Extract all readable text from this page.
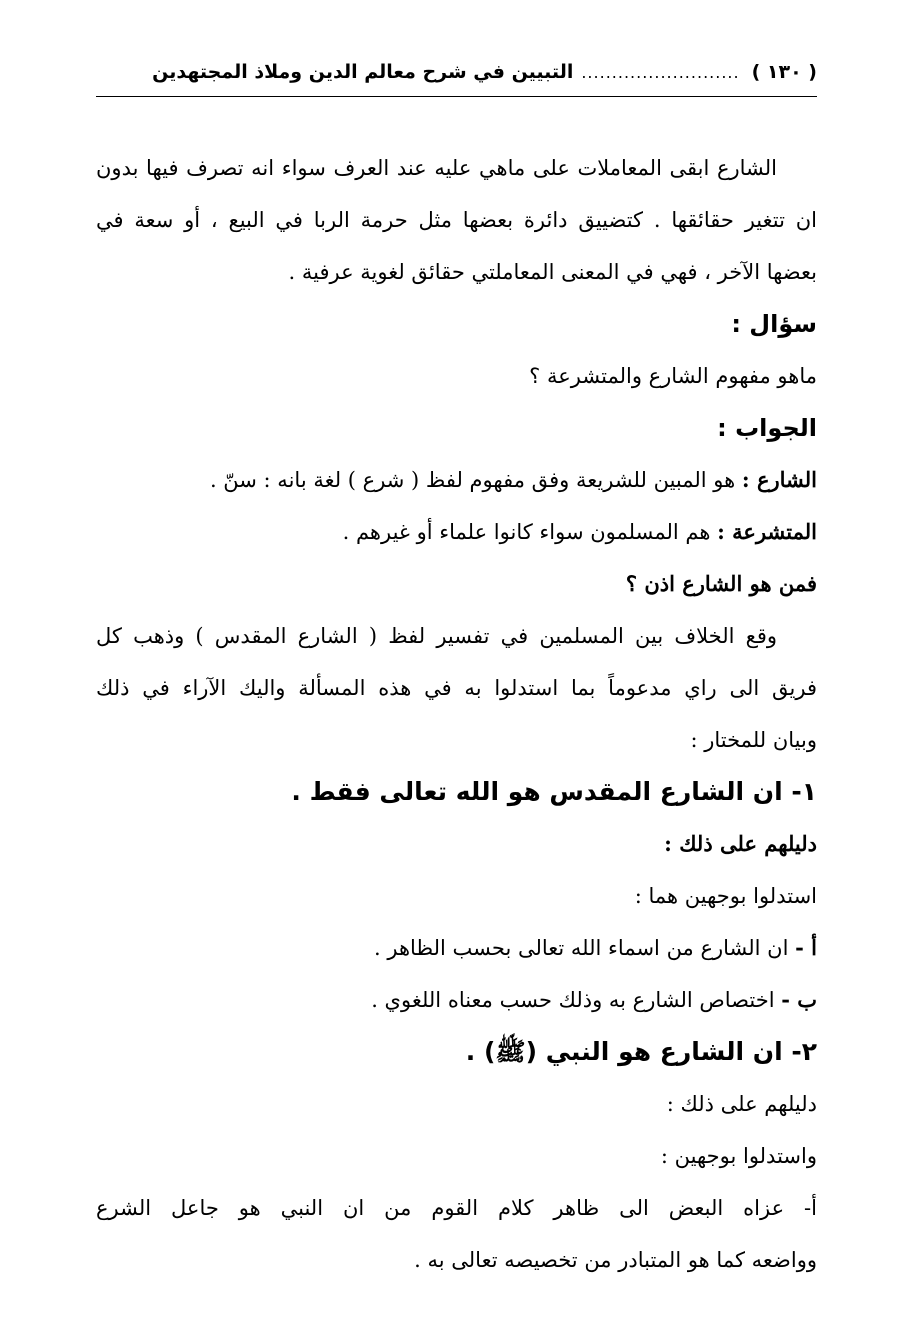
( ١٣٠ )
..........................
التبيين في شرح معالم الدين وملاذ المجتهدين
الشارع ابقى المعاملات على ماهي عليه عند العرف سواء انه تصرف فيها بدون
ان تتغير حقائقها . كتضييق دائرة بعضها مثل حرمة الربا في البيع ، أو سعة في
بعضها الآخر ، فهي في المعنى المعاملتي حقائق لغوية عرفية .
سؤال :
ماهو مفهوم الشارع والمتشرعة ؟
الجواب :
الشارع : هو المبين للشريعة وفق مفهوم لفظ ( شرع ) لغة بانه : سنّ .
المتشرعة : هم المسلمون سواء كانوا علماء أو غيرهم .
فمن هو الشارع اذن ؟
وقع الخلاف بين المسلمين في تفسير لفظ ( الشارع المقدس ) وذهب كل
فريق الى راي مدعوماً بما استدلوا به في هذه المسألة واليك الآراء في ذلك
وبيان للمختار :
١- ان الشارع المقدس هو الله تعالى فقط .
دليلهم على ذلك :
استدلوا بوجهين هما :
أ - ان الشارع من اسماء الله تعالى بحسب الظاهر .
ب - اختصاص الشارع به وذلك حسب معناه اللغوي .
٢- ان الشارع هو النبي (ﷺ) .
دليلهم على ذلك :
واستدلوا بوجهين :
أ- عزاه البعض الى ظاهر كلام القوم من ان النبي هو جاعل الشرع
وواضعه كما هو المتبادر من تخصيصه تعالى به .
